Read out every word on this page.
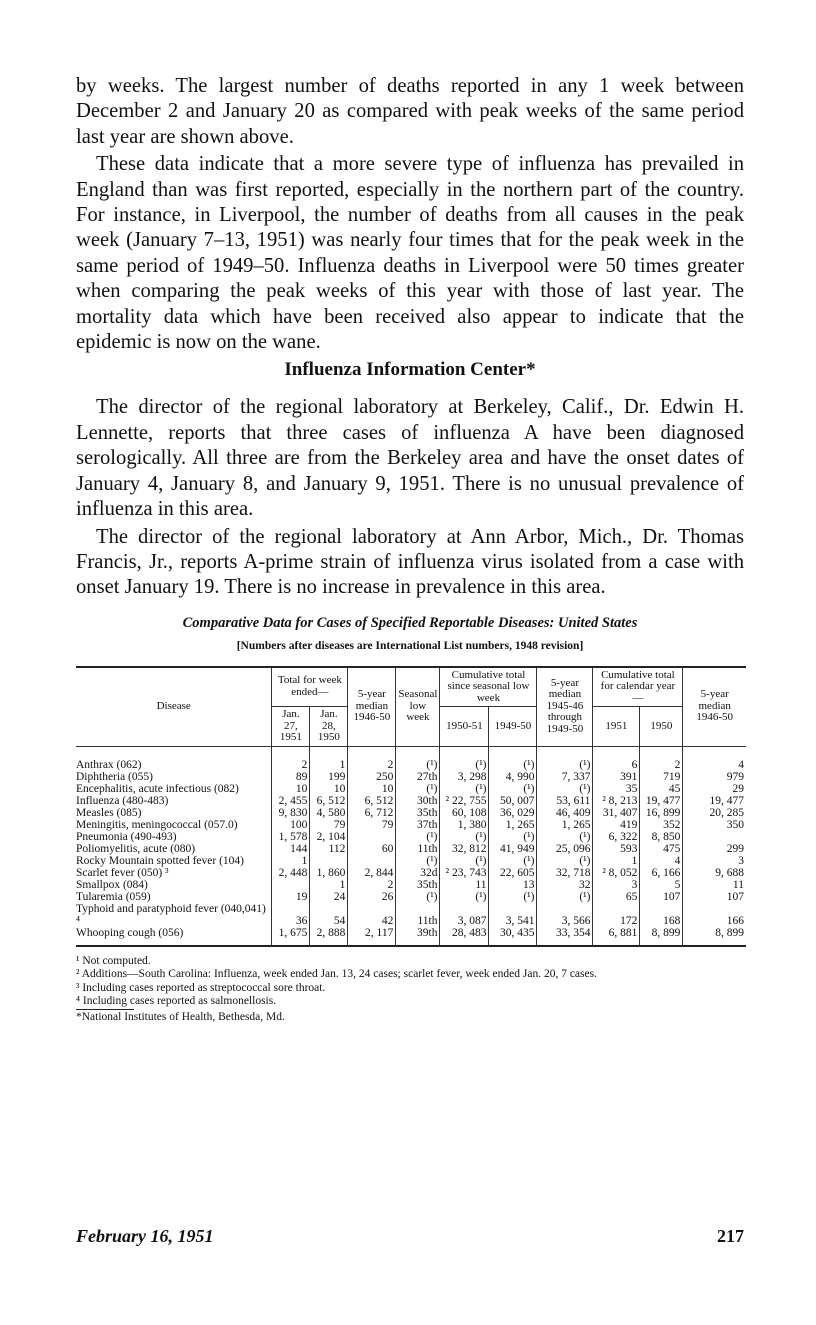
by weeks. The largest number of deaths reported in any 1 week between December 2 and January 20 as compared with peak weeks of the same period last year are shown above.

These data indicate that a more severe type of influenza has prevailed in England than was first reported, especially in the northern part of the country. For instance, in Liverpool, the number of deaths from all causes in the peak week (January 7–13, 1951) was nearly four times that for the peak week in the same period of 1949–50. Influenza deaths in Liverpool were 50 times greater when comparing the peak weeks of this year with those of last year. The mortality data which have been received also appear to indicate that the epidemic is now on the wane.

Influenza Information Center*

The director of the regional laboratory at Berkeley, Calif., Dr. Edwin H. Lennette, reports that three cases of influenza A have been diagnosed serologically. All three are from the Berkeley area and have the onset dates of January 4, January 8, and January 9, 1951. There is no unusual prevalence of influenza in this area.

The director of the regional laboratory at Ann Arbor, Mich., Dr. Thomas Francis, Jr., reports A-prime strain of influenza virus isolated from a case with onset January 19. There is no increase in prevalence in this area.

Comparative Data for Cases of Specified Reportable Diseases: United States
[Numbers after diseases are International List numbers, 1948 revision]
Disease	Total for week ended—		5-year median 1946-50	Seasonal low week	Cumulative total since seasonal low week		5-year median 1945-46 through 1949-50	Cumulative total for calendar year—		5-year median 1946-50
	Jan. 27, 1951	Jan. 28, 1950			1950-51	1949-50		1951	1950	
Anthrax (062)	2	1	2	(¹)	(¹)	(¹)	(¹)	6	2	4
Diphtheria (055)	89	199	250	27th	3, 298	4, 990	7, 337	391	719	979
Encephalitis, acute infectious (082)	10	10	10	(¹)	(¹)	(¹)	(¹)	35	45	29
Influenza (480-483)	2, 455	6, 512	6, 512	30th	² 22, 755	50, 007	53, 611	² 8, 213	19, 477	19, 477
Measles (085)	9, 830	4, 580	6, 712	35th	60, 108	36, 029	46, 409	31, 407	16, 899	20, 285
Meningitis, meningococcal (057.0)	100	79	79	37th	1, 380	1, 265	1, 265	419	352	350
Pneumonia (490-493)	1, 578	2, 104		(¹)	(¹)	(¹)	(¹)	6, 322	8, 850	
Poliomyelitis, acute (080)	144	112	60	11th	32, 812	41, 949	25, 096	593	475	299
Rocky Mountain spotted fever (104)	1			(¹)	(¹)	(¹)	(¹)	1	4	3
Scarlet fever (050) ³	2, 448	1, 860	2, 844	32d	² 23, 743	22, 605	32, 718	² 8, 052	6, 166	9, 688
Smallpox (084)		1	2	35th	11	13	32	3	5	11
Tularemia (059)	19	24	26	(¹)	(¹)	(¹)	(¹)	65	107	107
Typhoid and paratyphoid fever (040,041) ⁴	36	54	42	11th	3, 087	3, 541	3, 566	172	168	166
Whooping cough (056)	1, 675	2, 888	2, 117	39th	28, 483	30, 435	33, 354	6, 881	8, 899	8, 899
¹ Not computed.
² Additions—South Carolina: Influenza, week ended Jan. 13, 24 cases; scarlet fever, week ended Jan. 20, 7 cases.
³ Including cases reported as streptococcal sore throat.
⁴ Including cases reported as salmonellosis.
*National Institutes of Health, Bethesda, Md.
February 16, 1951	217
